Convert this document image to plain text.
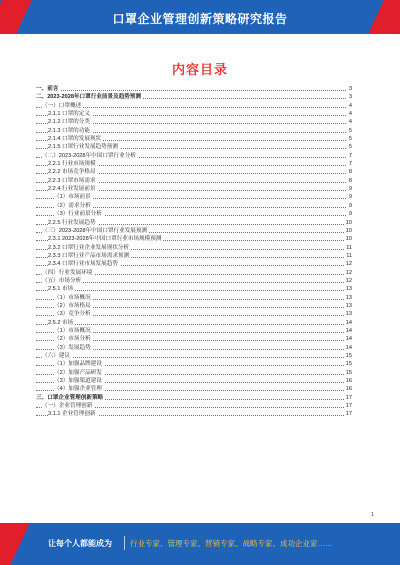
口罩企业管理创新策略研究报告
内容目录
一、前言	3
二、2023-2028年口罩行业前景及趋势预测	3
（一）口罩概述	4
2.1.1 口罩的定义	4
2.1.2 口罩的分类	4
2.1.3 口罩的功能	5
2.1.4 口罩的发展现状	5
2.1.5 口罩行业发展趋势预测	5
（二）2023-2028年中国口罩行业分析	7
2.2.1 行业市场规模	7
2.2.2 市场竞争格局	8
2.2.3 口罩市场需求	8
2.2.4 行业发展前景	9
（1）市场前景	9
（2）需求分析	9
（3）行业前景分析	9
2.2.5 行业发展趋势	10
（三）2023-2028年中国口罩行业发展预测	10
2.3.1 2023-2028年中国口罩行业市场规模预测	10
2.3.2 口罩行业企业发展现状分析	11
2.3.3 口罩行业产品市场需求预测	11
2.3.4 口罩行业市场发展趋势	12
（四）行业发展环境	12
（五）市场分析	12
2.5.1 市场	13
（1）市场概况	13
（2）市场格局	13
（3）竞争分析	13
2.5.2 市场	14
（1）市场概况	14
（2）市场分析	14
（3）发展趋势	14
（六）建议	15
（1）加强品牌建设	15
（2）加强产品研发	15
（3）加强渠道建设	16
（4）加强企业管理	16
三、口罩企业管理创新策略	17
（一）企业管理创新	17
3.1.1 企业管理创新	17
1
让每个人都能成为 行业专家、管理专家、营销专家、战略专家、成功企业家……
